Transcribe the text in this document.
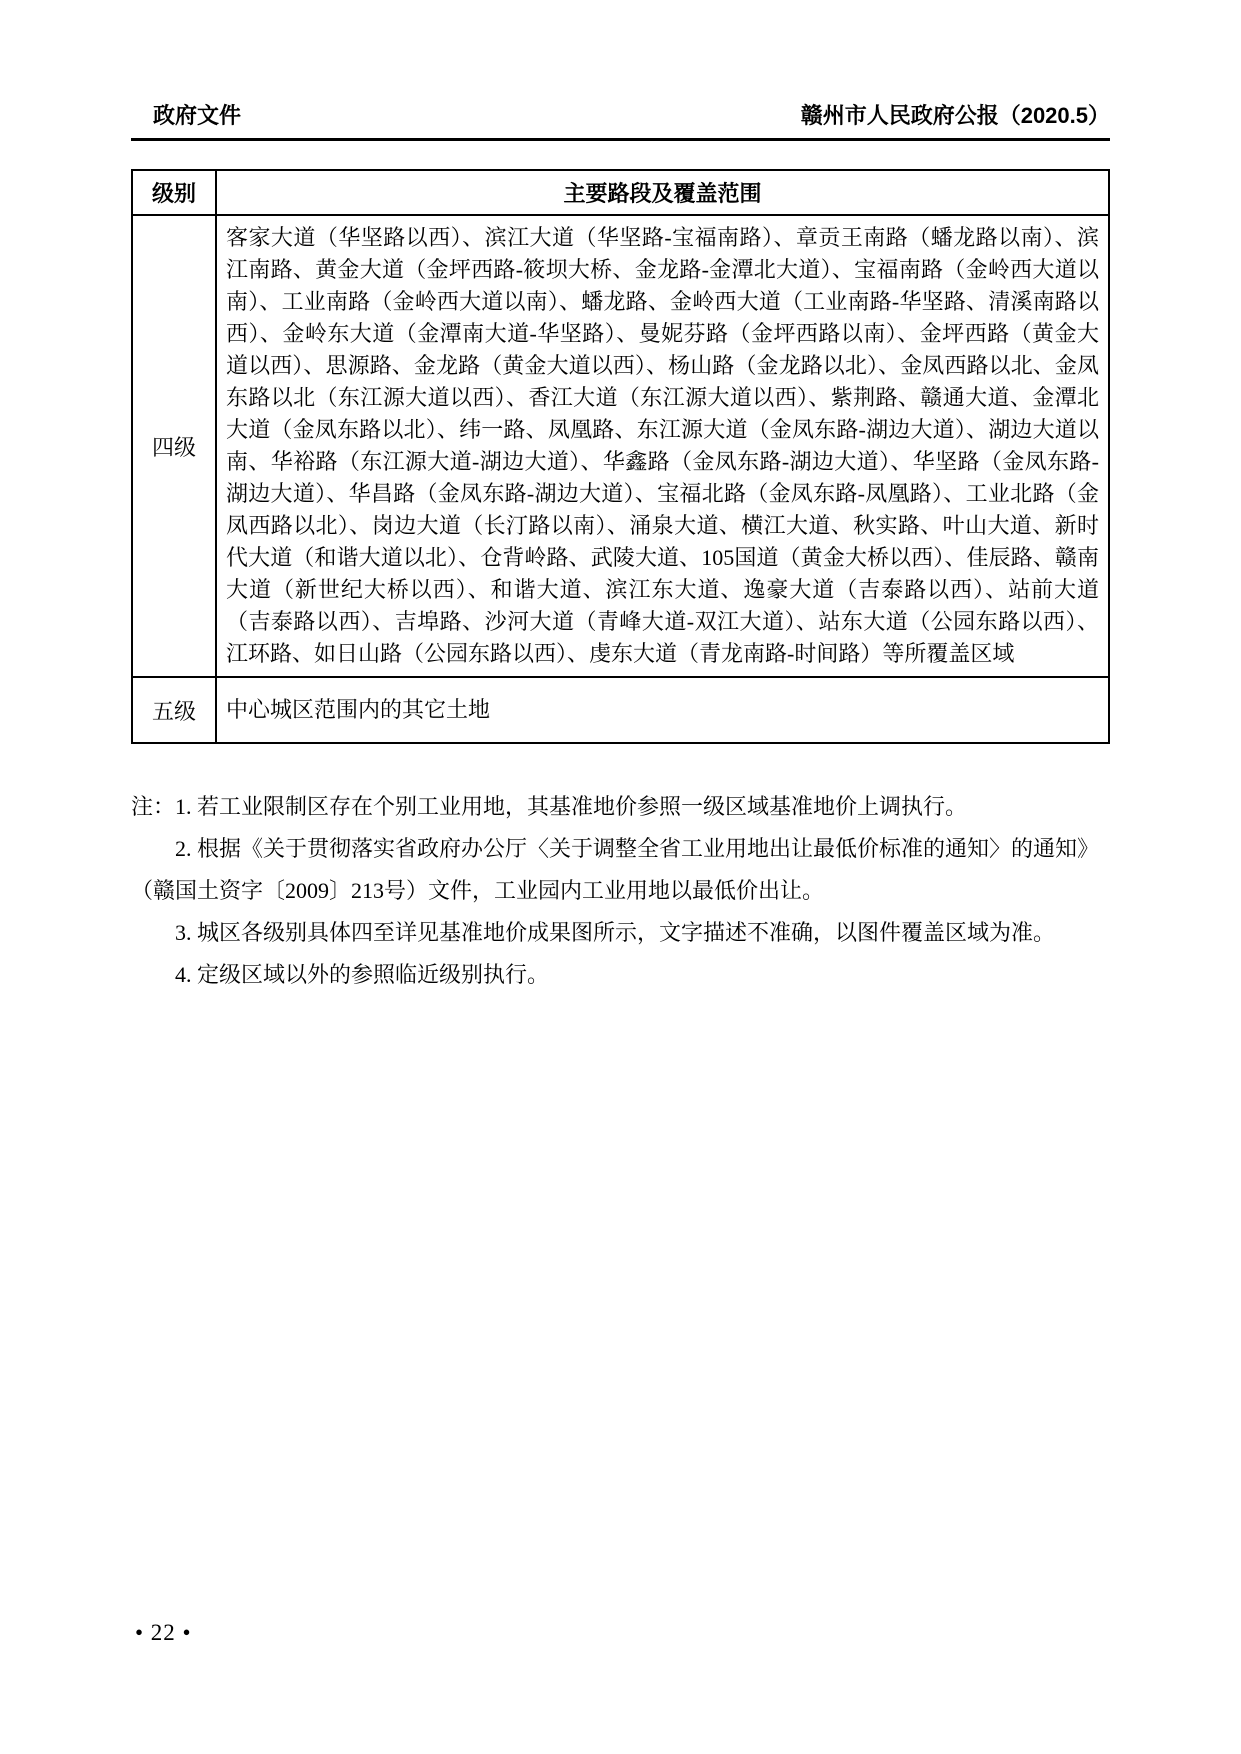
政府文件	赣州市人民政府公报（2020.5）
级别	主要路段及覆盖范围
四级	客家大道（华坚路以西）、滨江大道（华坚路-宝福南路）、章贡王南路（蟠龙路以南）、滨江南路、黄金大道（金坪西路-筱坝大桥、金龙路-金潭北大道）、宝福南路（金岭西大道以南）、工业南路（金岭西大道以南）、蟠龙路、金岭西大道（工业南路-华坚路、清溪南路以西）、金岭东大道（金潭南大道-华坚路）、曼妮芬路（金坪西路以南）、金坪西路（黄金大道以西）、思源路、金龙路（黄金大道以西）、杨山路（金龙路以北）、金凤西路以北、金凤东路以北（东江源大道以西）、香江大道（东江源大道以西）、紫荆路、赣通大道、金潭北大道（金凤东路以北）、纬一路、凤凰路、东江源大道（金凤东路-湖边大道）、湖边大道以南、华裕路（东江源大道-湖边大道）、华鑫路（金凤东路-湖边大道）、华坚路（金凤东路-湖边大道）、华昌路（金凤东路-湖边大道）、宝福北路（金凤东路-凤凰路）、工业北路（金凤西路以北）、岗边大道（长汀路以南）、涌泉大道、横江大道、秋实路、叶山大道、新时代大道（和谐大道以北）、仓背岭路、武陵大道、105国道（黄金大桥以西）、佳辰路、赣南大道（新世纪大桥以西）、和谐大道、滨江东大道、逸豪大道（吉泰路以西）、站前大道（吉泰路以西）、吉埠路、沙河大道（青峰大道-双江大道）、站东大道（公园东路以西）、江环路、如日山路（公园东路以西）、虔东大道（青龙南路-时间路）等所覆盖区域
五级	中心城区范围内的其它土地

注：1. 若工业限制区存在个别工业用地，其基准地价参照一级区域基准地价上调执行。

2. 根据《关于贯彻落实省政府办公厅〈关于调整全省工业用地出让最低价标准的通知〉的通知》（赣国土资字〔2009〕213号）文件，工业园内工业用地以最低价出让。

3. 城区各级别具体四至详见基准地价成果图所示，文字描述不准确，以图件覆盖区域为准。

4. 定级区域以外的参照临近级别执行。

• 22 •
